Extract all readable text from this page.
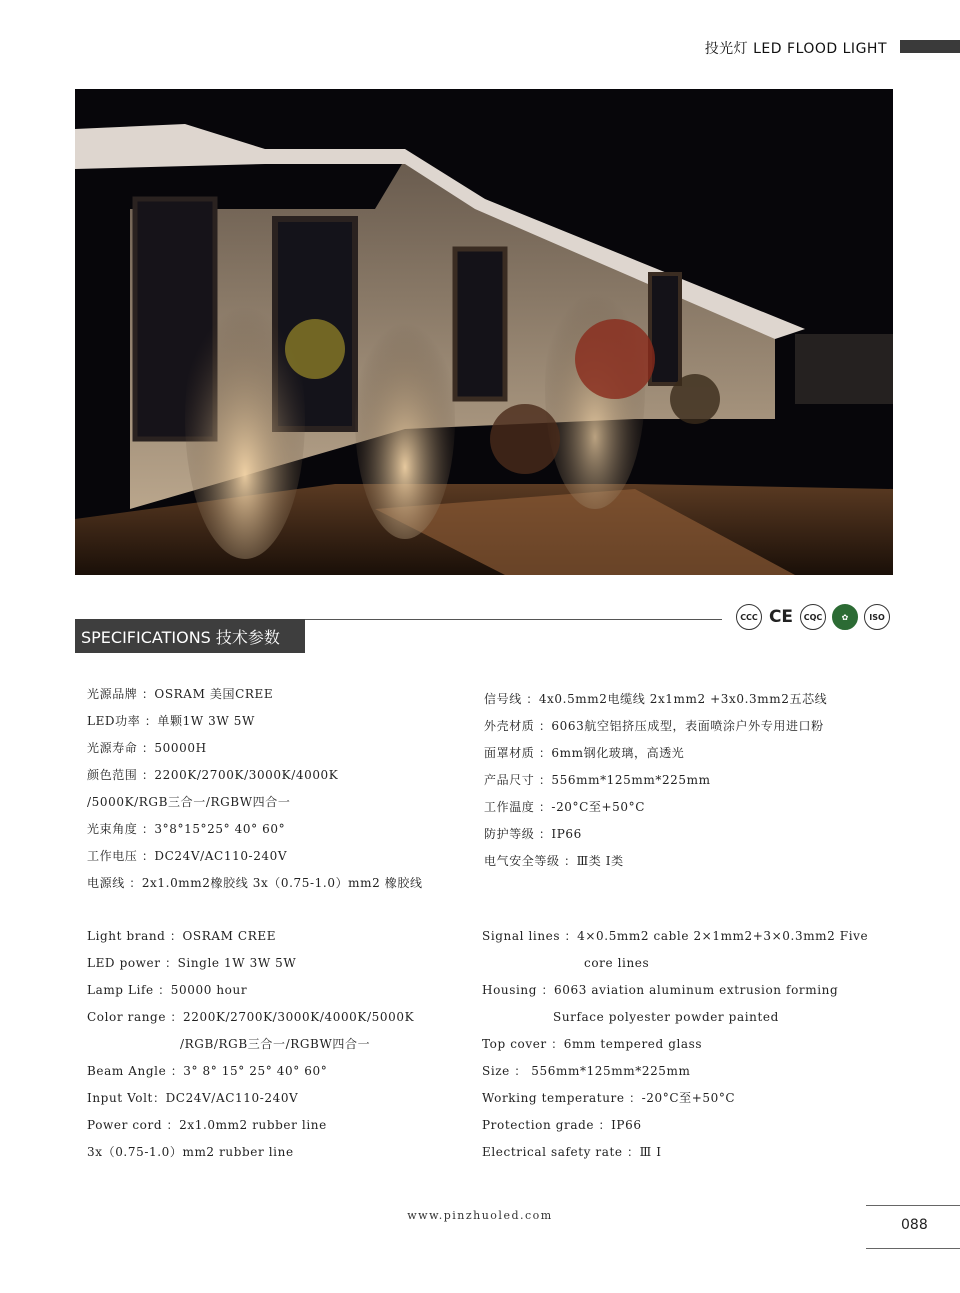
投光灯 LED FLOOD LIGHT
CCC CE	CQC	✿	ISO
SPECIFICATIONS 技术参数
光源品牌 ：OSRAM 美国CREE
LED功率 ：单颗1W 3W 5W
光源寿命 ：50000H
颜色范围 ：2200K/2700K/3000K/4000K
/5000K/RGB三合一/RGBW四合一
光束角度 ：3°8°15°25° 40° 60°
工作电压 ：DC24V/AC110-240V
电源线 ：2x1.0mm2橡胶线 3x（0.75-1.0）mm2 橡胶线
信号线 ：4x0.5mm2电缆线 2x1mm2 +3x0.3mm2五芯线
外壳材质 ：6063航空铝挤压成型，表面喷涂户外专用进口粉
面罩材质 ：6mm钢化玻璃，高透光
产品尺寸 ：556mm*125mm*225mm
工作温度 ：-20°C至+50°C
防护等级 ：IP66
电气安全等级 ：Ⅲ类 Ⅰ类
Light brand ：OSRAM CREE
LED power ：Single 1W 3W 5W
Lamp Life ：50000 hour
Color range ：2200K/2700K/3000K/4000K/5000K
/RGB/RGB三合一/RGBW四合一
Beam Angle ：3° 8° 15° 25° 40° 60°
Input Volt：DC24V/AC110-240V
Power cord ：2x1.0mm2 rubber line
3x（0.75-1.0）mm2 rubber line
Signal lines ：4×0.5mm2 cable 2×1mm2+3×0.3mm2 Five
core lines
Housing ：6063 aviation aluminum extrusion forming
Surface polyester powder painted
Top cover ：6mm tempered glass
Size ： 556mm*125mm*225mm
Working temperature ：-20°C至+50°C
Protection grade ：IP66
Electrical safety rate ：Ⅲ Ⅰ
www.pinzhuoled.com
088
